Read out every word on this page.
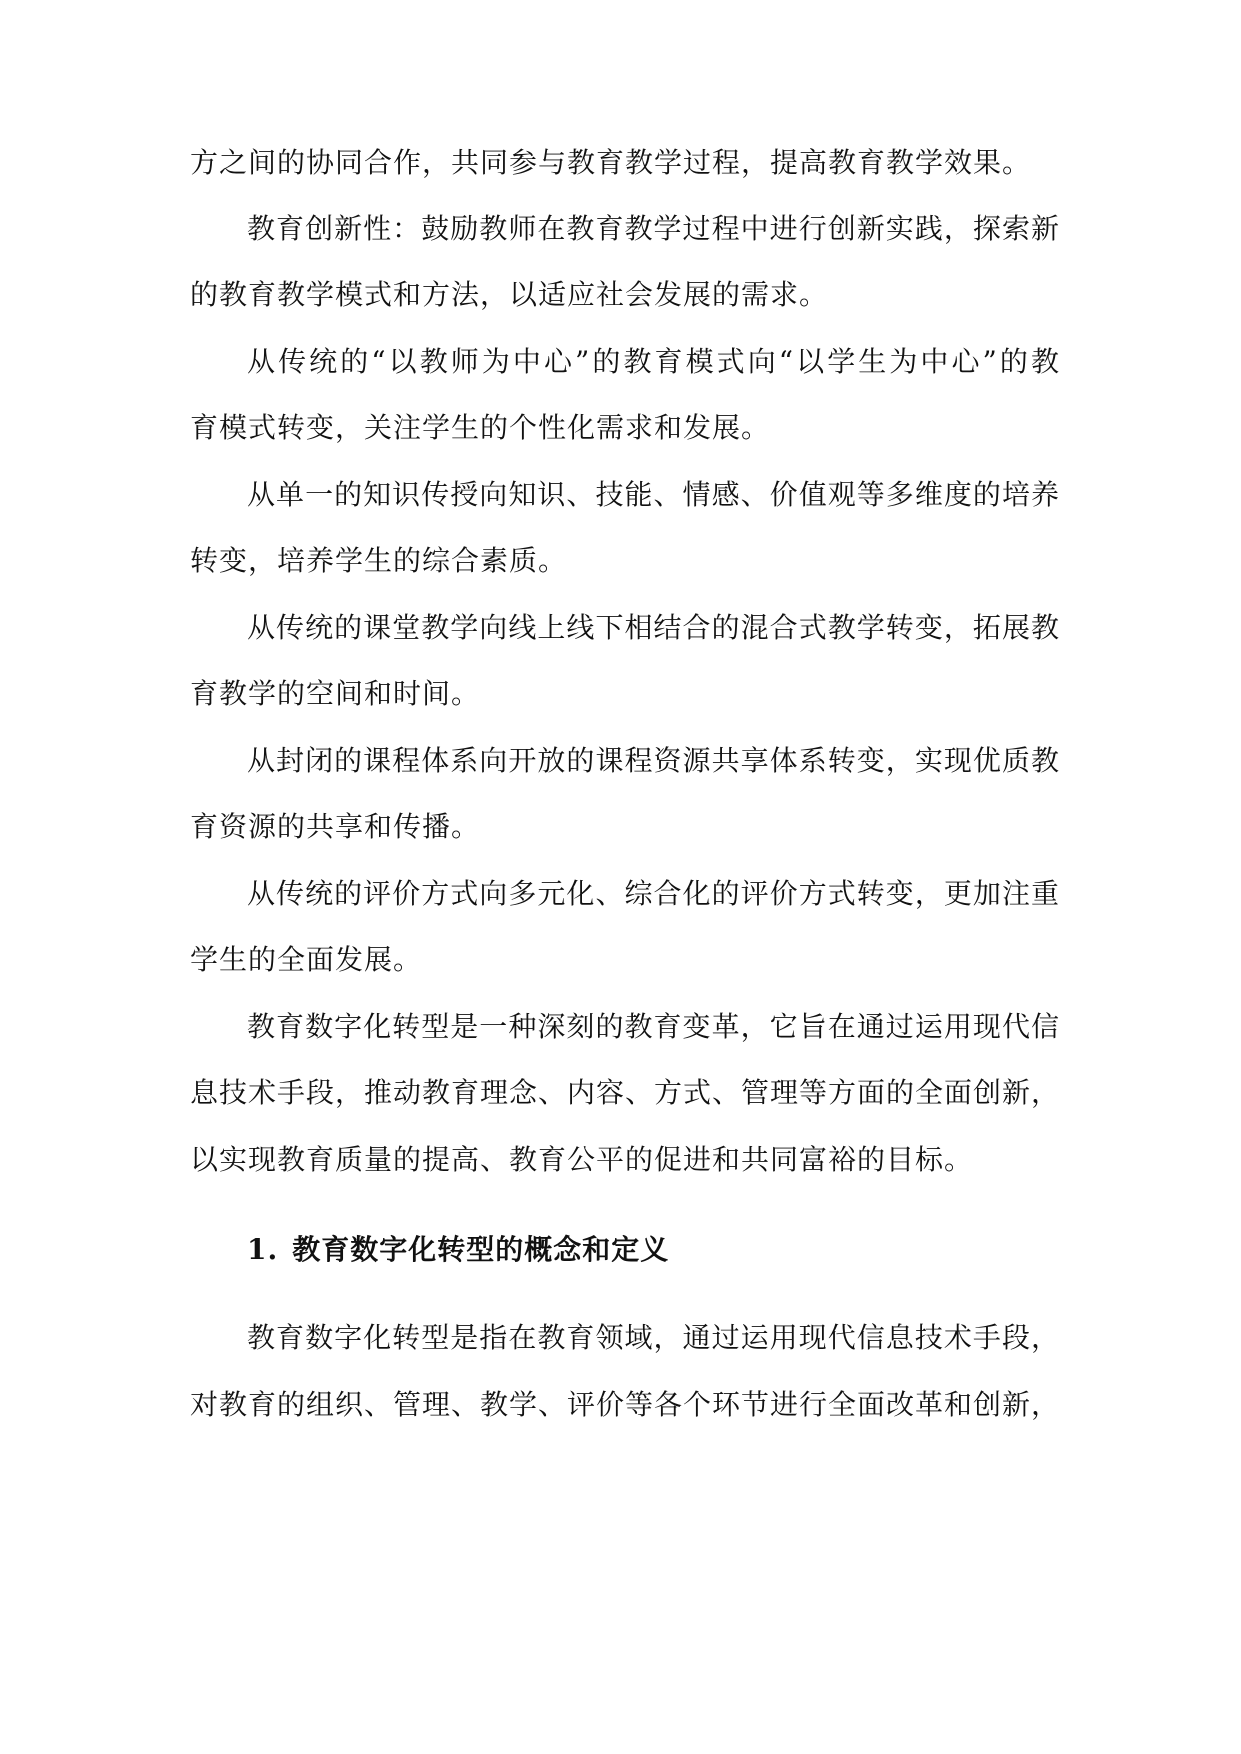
方之间的协同合作，共同参与教育教学过程，提高教育教学效果。
教育创新性：鼓励教师在教育教学过程中进行创新实践，探索新
的教育教学模式和方法，以适应社会发展的需求。
从传统的“以教师为中心”的教育模式向“以学生为中心”的教
育模式转变，关注学生的个性化需求和发展。
从单一的知识传授向知识、技能、情感、价值观等多维度的培养
转变，培养学生的综合素质。
从传统的课堂教学向线上线下相结合的混合式教学转变，拓展教
育教学的空间和时间。
从封闭的课程体系向开放的课程资源共享体系转变，实现优质教
育资源的共享和传播。
从传统的评价方式向多元化、综合化的评价方式转变，更加注重
学生的全面发展。
教育数字化转型是一种深刻的教育变革，它旨在通过运用现代信
息技术手段，推动教育理念、内容、方式、管理等方面的全面创新，
以实现教育质量的提高、教育公平的促进和共同富裕的目标。
1. 教育数字化转型的概念和定义
教育数字化转型是指在教育领域，通过运用现代信息技术手段，
对教育的组织、管理、教学、评价等各个环节进行全面改革和创新，
